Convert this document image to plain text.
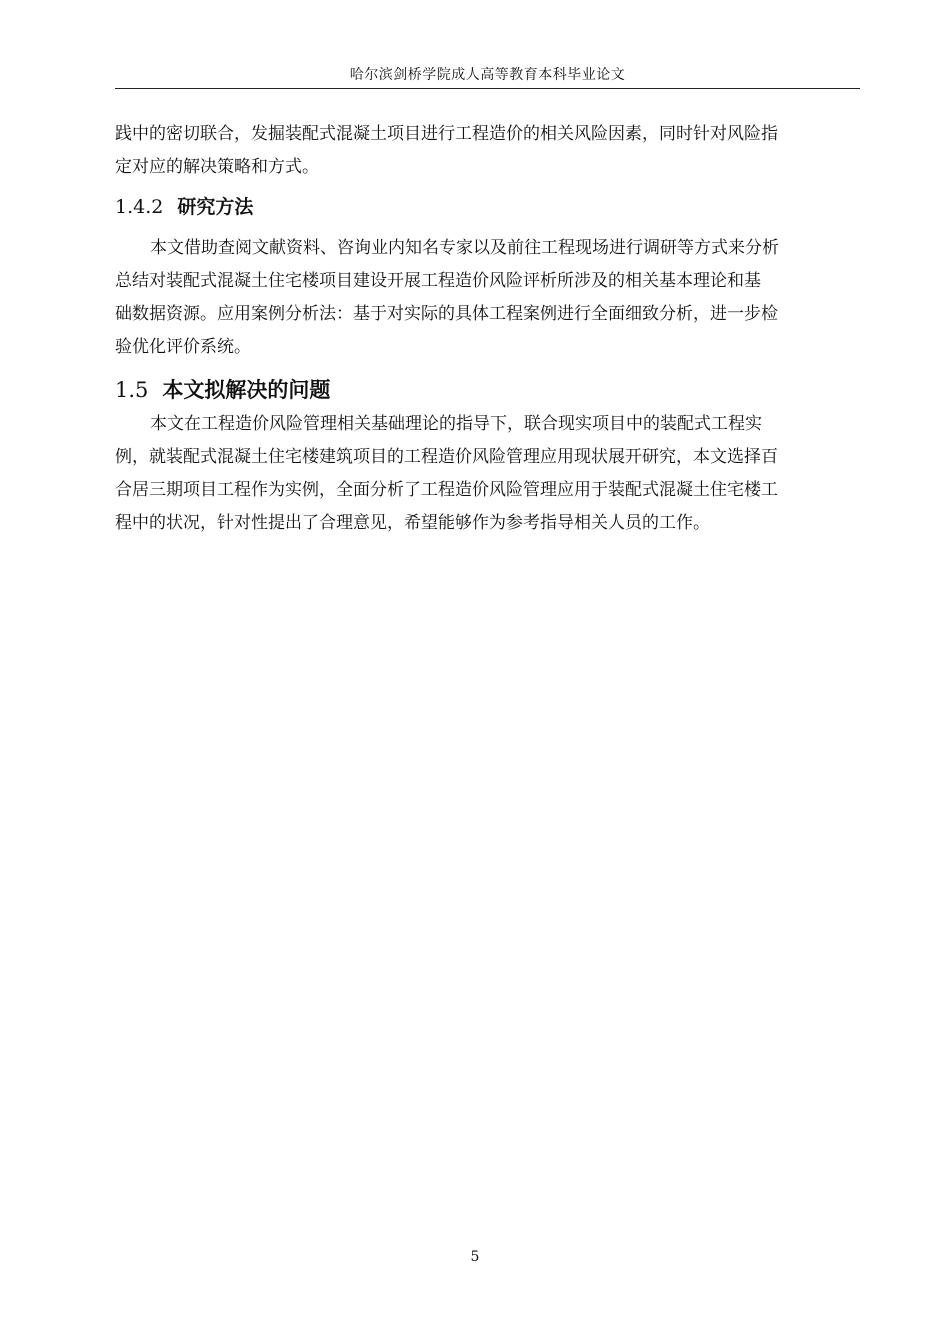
哈尔滨剑桥学院成人高等教育本科毕业论文

践中的密切联合，发掘装配式混凝土项目进行工程造价的相关风险因素，同时针对风险指
定对应的解决策略和方式。

1.4.2 研究方法

本文借助查阅文献资料、咨询业内知名专家以及前往工程现场进行调研等方式来分析
总结对装配式混凝土住宅楼项目建设开展工程造价风险评析所涉及的相关基本理论和基
础数据资源。应用案例分析法：基于对实际的具体工程案例进行全面细致分析，进一步检
验优化评价系统。

1.5 本文拟解决的问题

本文在工程造价风险管理相关基础理论的指导下，联合现实项目中的装配式工程实
例，就装配式混凝土住宅楼建筑项目的工程造价风险管理应用现状展开研究，本文选择百
合居三期项目工程作为实例，全面分析了工程造价风险管理应用于装配式混凝土住宅楼工
程中的状况，针对性提出了合理意见，希望能够作为参考指导相关人员的工作。

5
